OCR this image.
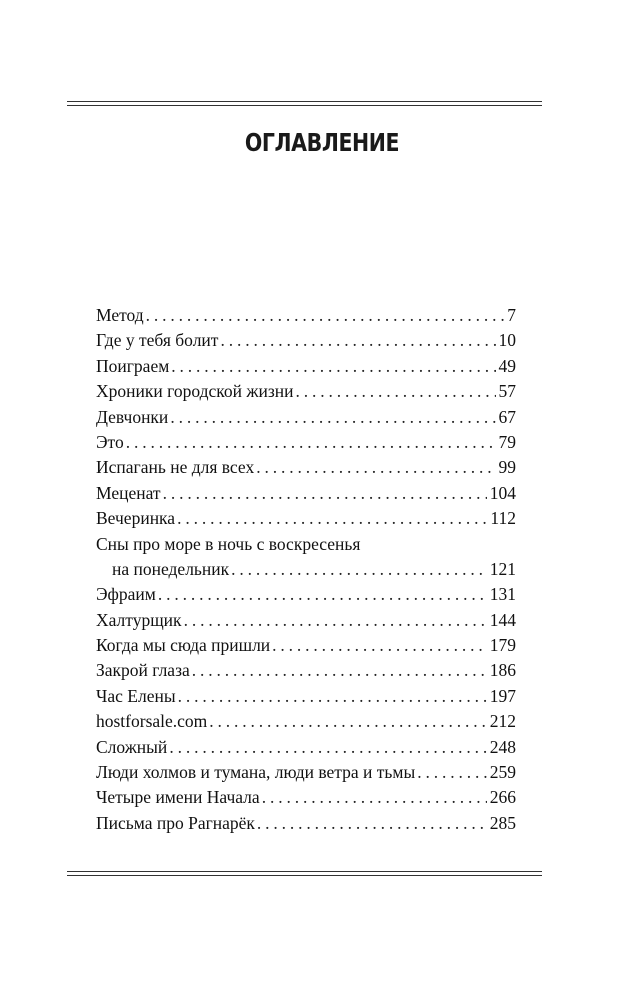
ОГЛАВЛЕНИЕ
Метод . . .	7
Где у тебя болит . . .	10
Поиграем . . .	49
Хроники городской жизни . . .	57
Девчонки . . .	67
Это . . .	79
Испагань не для всех . . .	99
Меценат . . .	104
Вечеринка . . .	112
Сны про море в ночь с воскресенья
на понедельник . . .	121
Эфраим . . .	131
Халтурщик . . .	144
Когда мы сюда пришли . . .	179
Закрой глаза . . .	186
Час Елены . . .	197
hostforsale.com . . .	212
Сложный . . .	248
Люди холмов и тумана, люди ветра и тьмы . . .	259
Четыре имени Начала . . .	266
Письма про Рагнарёк . . .	285
